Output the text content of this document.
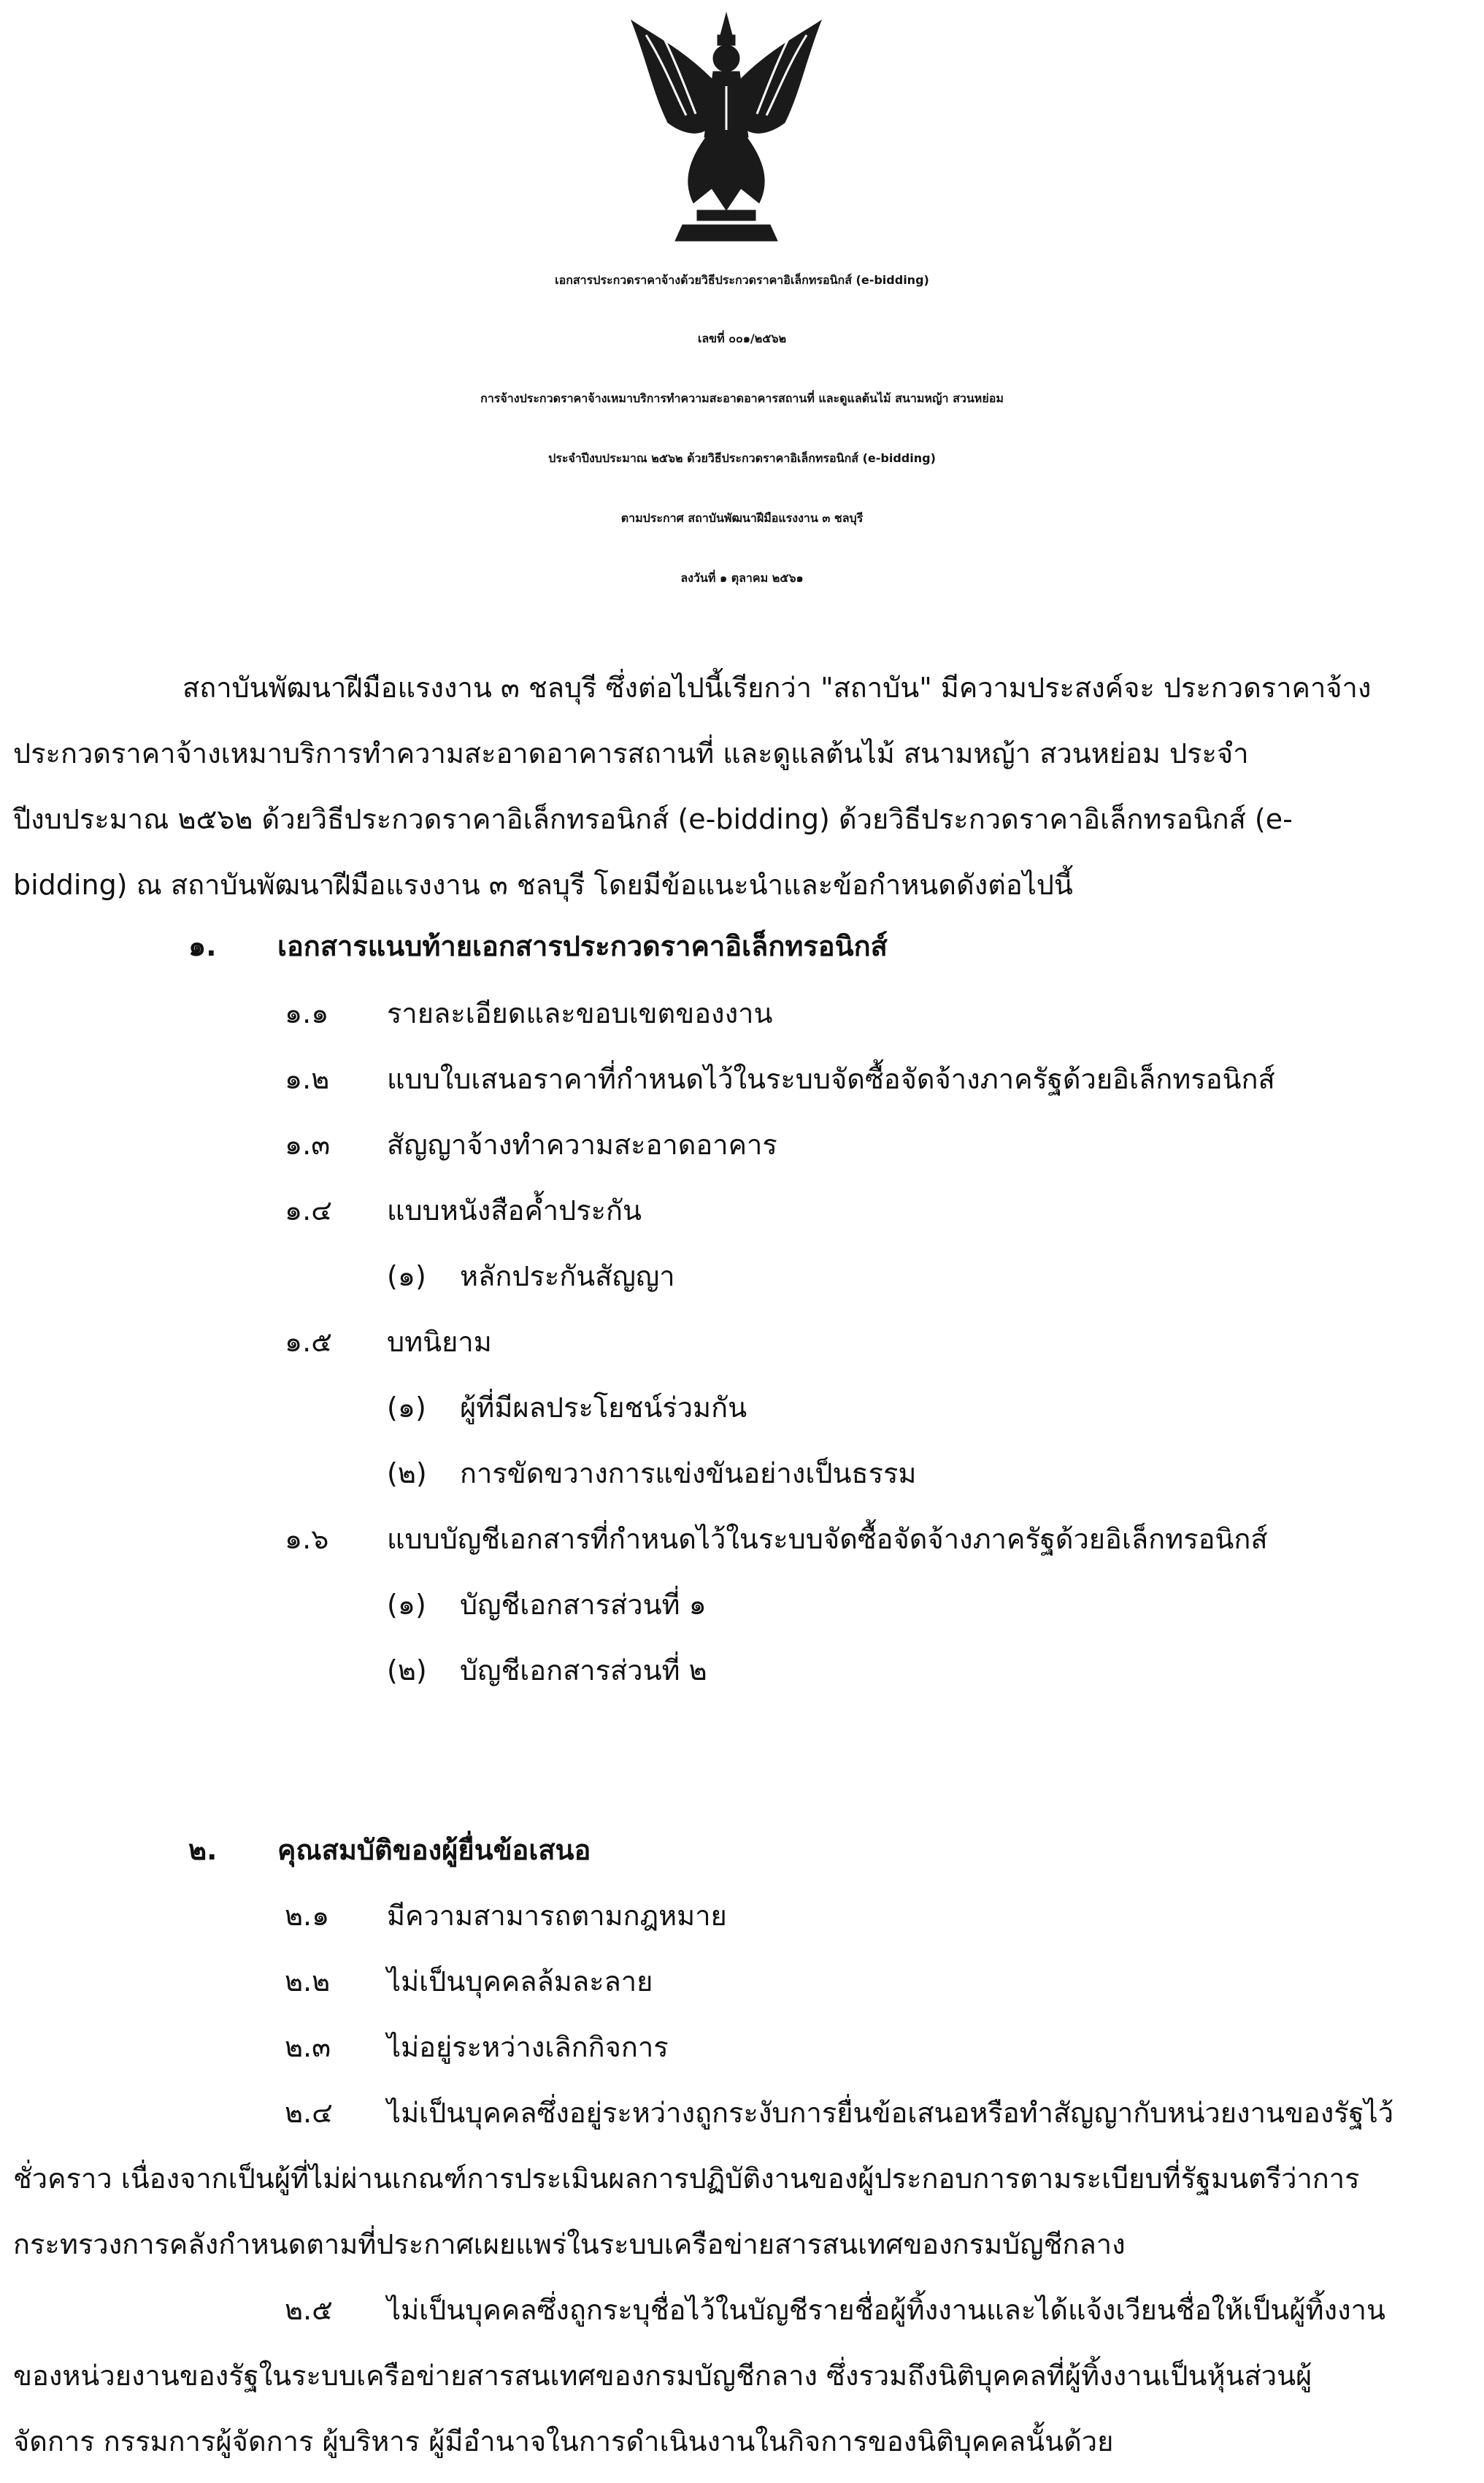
เอกสารประกวดราคาจ้างด้วยวิธีประกวดราคาอิเล็กทรอนิกส์ (e-bidding)
เลขที่ ๐๐๑/๒๕๖๒
การจ้างประกวดราคาจ้างเหมาบริการทำความสะอาดอาคารสถานที่ และดูแลต้นไม้ สนามหญ้า สวนหย่อม
ประจำปีงบประมาณ ๒๕๖๒ ด้วยวิธีประกวดราคาอิเล็กทรอนิกส์ (e-bidding)
ตามประกาศ สถาบันพัฒนาฝีมือแรงงาน ๓ ชลบุรี
ลงวันที่ ๑ ตุลาคม ๒๕๖๑
สถาบันพัฒนาฝีมือแรงงาน ๓ ชลบุรี ซึ่งต่อไปนี้เรียกว่า "สถาบัน" มีความประสงค์จะ ประกวดราคาจ้าง
ประกวดราคาจ้างเหมาบริการทำความสะอาดอาคารสถานที่ และดูแลต้นไม้ สนามหญ้า สวนหย่อม ประจำ
ปีงบประมาณ ๒๕๖๒ ด้วยวิธีประกวดราคาอิเล็กทรอนิกส์ (e-bidding) ด้วยวิธีประกวดราคาอิเล็กทรอนิกส์ (e-
bidding) ณ สถาบันพัฒนาฝีมือแรงงาน ๓ ชลบุรี โดยมีข้อแนะนำและข้อกำหนดดังต่อไปนี้
๑. เอกสารแนบท้ายเอกสารประกวดราคาอิเล็กทรอนิกส์
๑.๑ รายละเอียดและขอบเขตของงาน
๑.๒ แบบใบเสนอราคาที่กำหนดไว้ในระบบจัดซื้อจัดจ้างภาครัฐด้วยอิเล็กทรอนิกส์
๑.๓ สัญญาจ้างทำความสะอาดอาคาร
๑.๔ แบบหนังสือค้ำประกัน
(๑) หลักประกันสัญญา
๑.๕ บทนิยาม
(๑) ผู้ที่มีผลประโยชน์ร่วมกัน
(๒) การขัดขวางการแข่งขันอย่างเป็นธรรม
๑.๖ แบบบัญชีเอกสารที่กำหนดไว้ในระบบจัดซื้อจัดจ้างภาครัฐด้วยอิเล็กทรอนิกส์
(๑) บัญชีเอกสารส่วนที่ ๑
(๒) บัญชีเอกสารส่วนที่ ๒
๒. คุณสมบัติของผู้ยื่นข้อเสนอ
๒.๑ มีความสามารถตามกฎหมาย
๒.๒ ไม่เป็นบุคคลล้มละลาย
๒.๓ ไม่อยู่ระหว่างเลิกกิจการ
๒.๔ ไม่เป็นบุคคลซึ่งอยู่ระหว่างถูกระงับการยื่นข้อเสนอหรือทำสัญญากับหน่วยงานของรัฐไว้
ชั่วคราว เนื่องจากเป็นผู้ที่ไม่ผ่านเกณฑ์การประเมินผลการปฏิบัติงานของผู้ประกอบการตามระเบียบที่รัฐมนตรีว่าการ
กระทรวงการคลังกำหนดตามที่ประกาศเผยแพร่ในระบบเครือข่ายสารสนเทศของกรมบัญชีกลาง
๒.๕ ไม่เป็นบุคคลซึ่งถูกระบุชื่อไว้ในบัญชีรายชื่อผู้ทิ้งงานและได้แจ้งเวียนชื่อให้เป็นผู้ทิ้งงาน
ของหน่วยงานของรัฐในระบบเครือข่ายสารสนเทศของกรมบัญชีกลาง ซึ่งรวมถึงนิติบุคคลที่ผู้ทิ้งงานเป็นหุ้นส่วนผู้
จัดการ กรรมการผู้จัดการ ผู้บริหาร ผู้มีอำนาจในการดำเนินงานในกิจการของนิติบุคคลนั้นด้วย
